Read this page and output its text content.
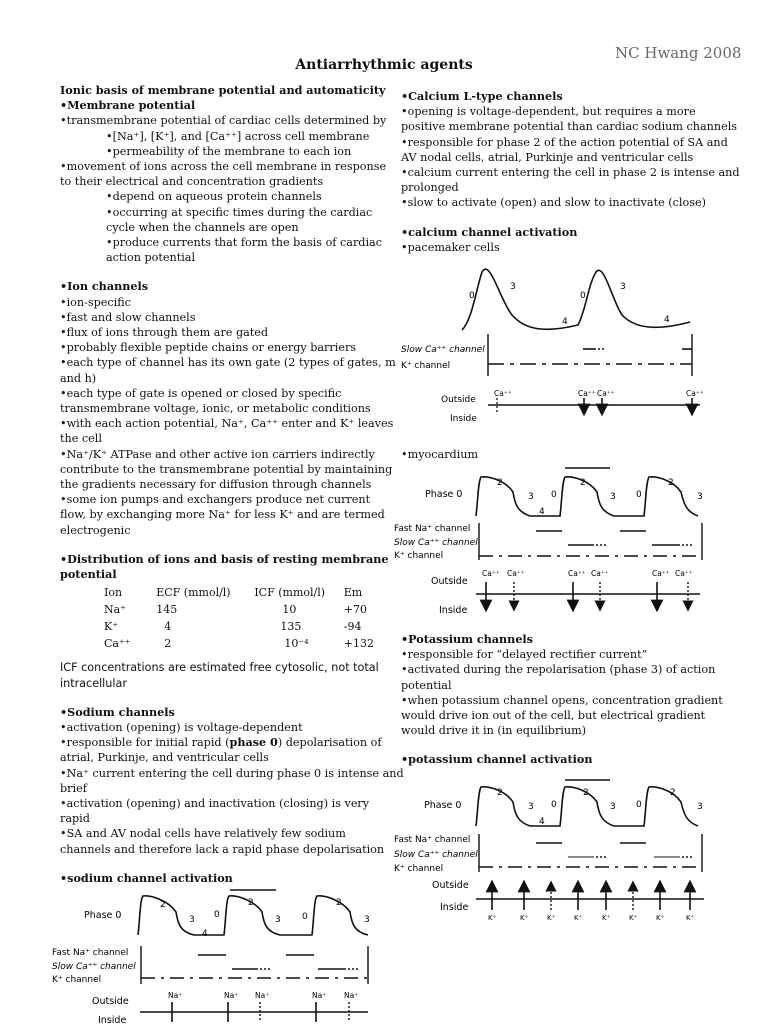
NC Hwang 2008
Antiarrhythmic agents
Ionic basis of membrane potential and automaticity
•Membrane potential
•transmembrane potential of cardiac cells determined by
•[Na⁺], [K⁺], and [Ca⁺⁺] across cell membrane
•permeability of the membrane to each ion
•movement of ions across the cell membrane in response
to their electrical and concentration gradients
•depend on aqueous protein channels
•occurring at specific times during the cardiac
cycle when the channels are open
•produce currents that form the basis of cardiac
action potential
•Ion channels
•ion-specific
•fast and slow channels
•flux of ions through them are gated
•probably flexible peptide chains or energy barriers
•each type of channel has its own gate (2 types of gates, m
and h)
•each type of gate is opened or closed by specific
transmembrane voltage, ionic, or metabolic conditions
•with each action potential, Na⁺, Ca⁺⁺ enter and K⁺ leaves
the cell
•Na⁺/K⁺ ATPase and other active ion carriers indirectly
contribute to the transmembrane potential by maintaining
the gradients necessary for diffusion through channels
•some ion pumps and exchangers produce net current
flow, by exchanging more Na⁺ for less K⁺ and are termed
electrogenic
•Distribution of ions and basis of resting membrane
potential
Ion	ECF (mmol/l)	ICF (mmol/l)	Em
Na⁺	145	10	+70
K⁺	4	135	-94
Ca⁺⁺	2	10⁻⁴	+132
ICF concentrations are estimated free cytosolic, not total
intracellular
•Sodium channels
•activation (opening) is voltage-dependent
•responsible for initial rapid (phase 0) depolarisation of
atrial, Purkinje, and ventricular cells
•Na⁺ current entering the cell during phase 0 is intense and
brief
•activation (opening) and inactivation (closing) is very
rapid
•SA and AV nodal cells have relatively few sodium
channels and therefore lack a rapid phase depolarisation
•sodium channel activation
•Calcium L-type channels
•opening is voltage-dependent, but requires a more
positive membrane potential than cardiac sodium channels
•responsible for phase 2 of the action potential of SA and
AV nodal cells, atrial, Purkinje and ventricular cells
•calcium current entering the cell in phase 2 is intense and
prolonged
•slow to activate (open) and slow to inactivate (close)
•calcium channel activation
•pacemaker cells
•myocardium
•Potassium channels
•responsible for “delayed rectifier current”
•activated during the repolarisation (phase 3) of action
potential
•when potassium channel opens, concentration gradient
would drive ion out of the cell, but electrical gradient
would drive it in (in equilibrium)
•potassium channel activation
0
3
4
0
3
4
Slow Ca⁺⁺ channel
K⁺ channel
Outside
Inside
Ca⁺⁺	Ca⁺⁺ Ca⁺⁺	Ca⁺⁺
Phase 0
2
3
4
0
2
3 0
2
3
Fast Na⁺ channel
Slow Ca⁺⁺ channel
K⁺ channel
Outside
Inside
Ca⁺⁺ Ca⁺⁺	Ca⁺⁺ Ca⁺⁺	Ca⁺⁺ Ca⁺⁺
Phase 0
2
3
4
0
2
3 0
2
3
Fast Na⁺ channel
Slow Ca⁺⁺ channel
K⁺ channel
Outside
Inside
K⁺	K⁺	K⁺	K⁺	K⁺	K⁺	K⁺	K⁺
Phase 0
2
3
4
0
2
3 0
2
3
Fast Na⁺ channel
Slow Ca⁺⁺ channel
K⁺ channel
Outside
Inside
Na⁺	Na⁺ Na⁺	Na⁺ Na⁺
